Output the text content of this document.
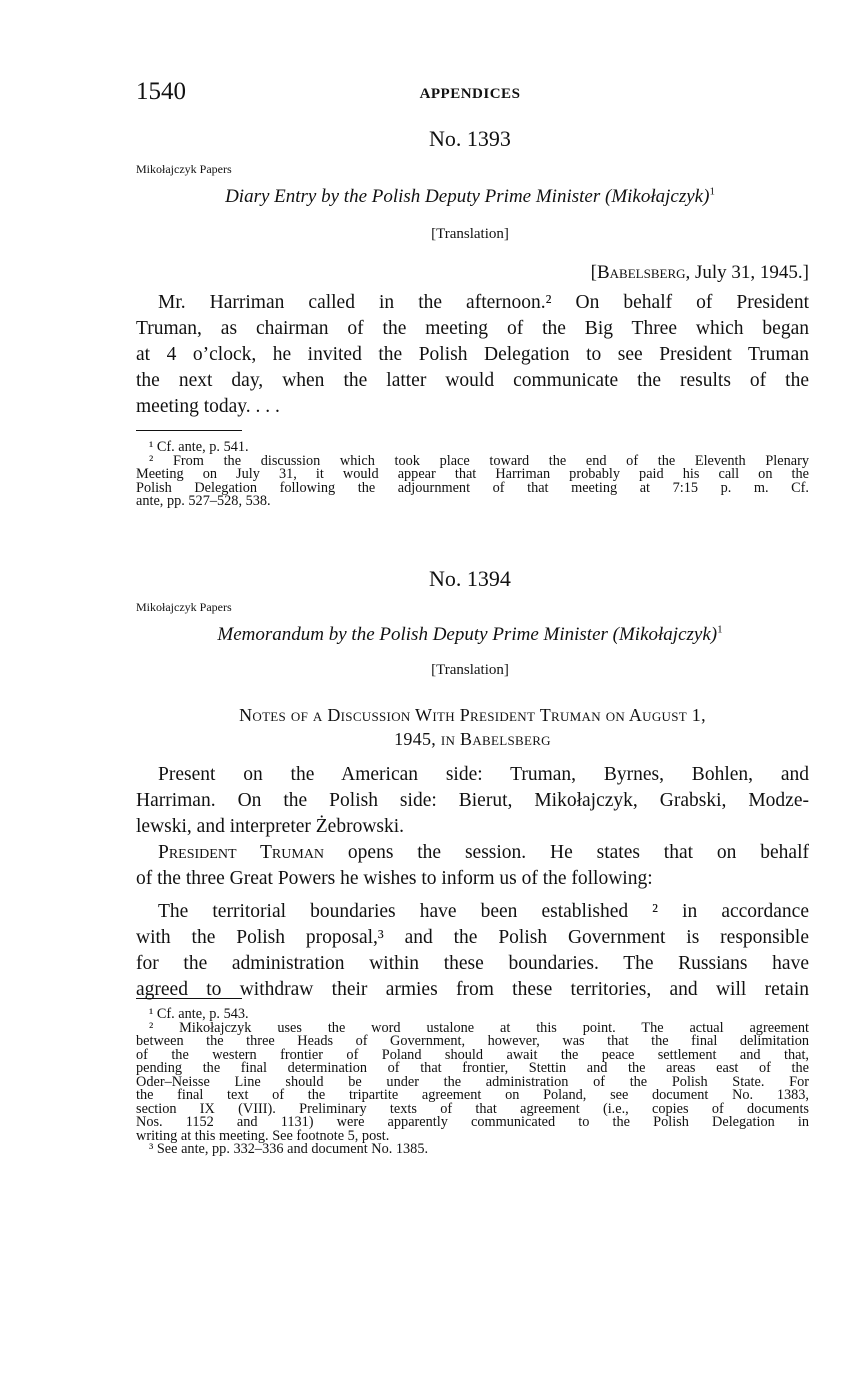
1540	APPENDICES
No. 1393
Mikołajczyk Papers
Diary Entry by the Polish Deputy Prime Minister (Mikołajczyk)$^1$
[Translation]
[Babelsberg, July 31, 1945.]
Mr. Harriman called in the afternoon.² On behalf of President
Truman, as chairman of the meeting of the Big Three which began
at 4 o’clock, he invited the Polish Delegation to see President Truman
the next day, when the latter would communicate the results of the
meeting today. . . .
¹ Cf. ante, p. 541.
² From the discussion which took place toward the end of the Eleventh Plenary
Meeting on July 31, it would appear that Harriman probably paid his call on the
Polish Delegation following the adjournment of that meeting at 7:15 p. m. Cf.
ante, pp. 527–528, 538.
No. 1394
Mikołajczyk Papers
Memorandum by the Polish Deputy Prime Minister (Mikołajczyk)$^1$
[Translation]
Notes of a Discussion With President Truman on August 1,
1945, in Babelsberg
Present on the American side: Truman, Byrnes, Bohlen, and
Harriman. On the Polish side: Bierut, Mikołajczyk, Grabski, Modze-
lewski, and interpreter Żebrowski.
President Truman opens the session. He states that on behalf
of the three Great Powers he wishes to inform us of the following:
The territorial boundaries have been established ² in accordance
with the Polish proposal,³ and the Polish Government is responsible
for the administration within these boundaries. The Russians have
agreed to withdraw their armies from these territories, and will retain
¹ Cf. ante, p. 543.
² Mikołajczyk uses the word ustalone at this point. The actual agreement
between the three Heads of Government, however, was that the final delimitation
of the western frontier of Poland should await the peace settlement and that,
pending the final determination of that frontier, Stettin and the areas east of the
Oder–Neisse Line should be under the administration of the Polish State. For
the final text of the tripartite agreement on Poland, see document No. 1383,
section IX (VIII). Preliminary texts of that agreement (i.e., copies of documents
Nos. 1152 and 1131) were apparently communicated to the Polish Delegation in
writing at this meeting. See footnote 5, post.
³ See ante, pp. 332–336 and document No. 1385.
